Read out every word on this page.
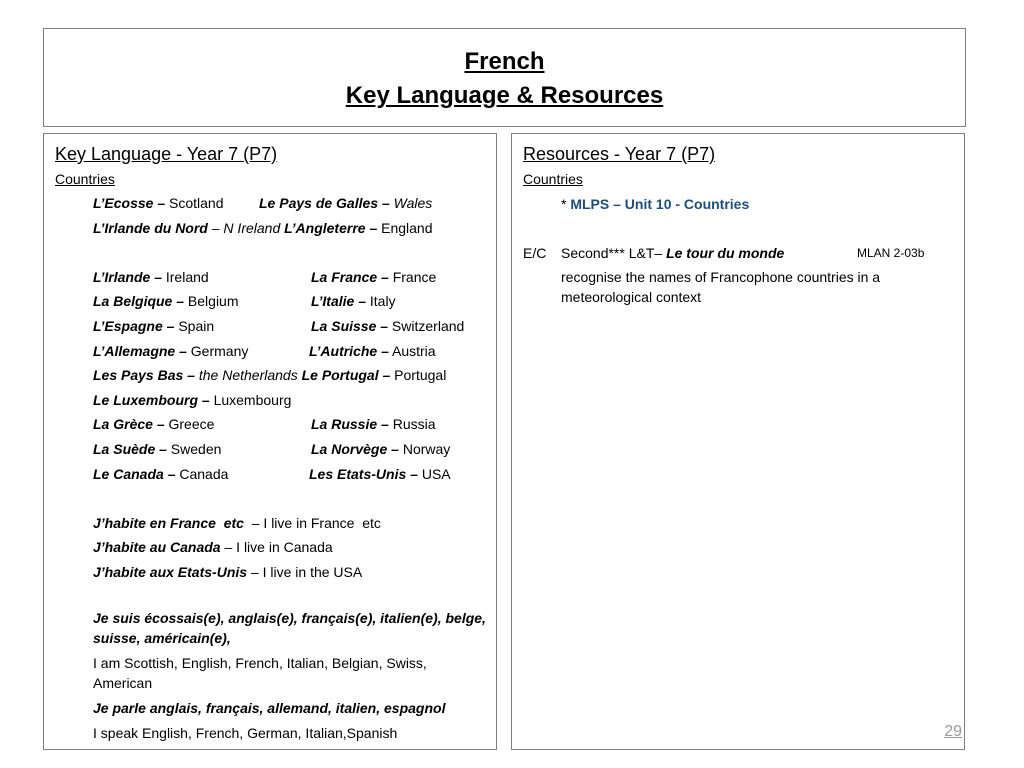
French
Key Language & Resources
Key Language - Year 7 (P7)
Countries
L’Ecosse – Scotland	Le Pays de Galles – Wales
L’Irlande du Nord – N Ireland L’Angleterre – England
L’Irlande – Ireland	La France – France
La Belgique – Belgium	L’Italie – Italy
L’Espagne – Spain	La Suisse – Switzerland
L’Allemagne – Germany	L’Autriche – Austria
Les Pays Bas – the Netherlands Le Portugal – Portugal
Le Luxembourg – Luxembourg
La Grèce – Greece	La Russie – Russia
La Suède – Sweden	La Norvège – Norway
Le Canada – Canada	Les Etats-Unis – USA
J’habite en France  etc  – I live in France  etc
J’habite au Canada – I live in Canada
J’habite aux Etats-Unis – I live in the USA
Je suis écossais(e), anglais(e), français(e), italien(e), belge, suisse, américain(e),
I am Scottish, English, French, Italian, Belgian, Swiss, American
Je parle anglais, français, allemand, italien, espagnol
I speak English, French, German, Italian,Spanish
Resources - Year 7 (P7)
Countries
* MLPS – Unit 10 - Countries
E/C Second*** L&T– Le tour du monde	MLAN 2-03b
recognise the names of Francophone countries in a meteorological context
29
